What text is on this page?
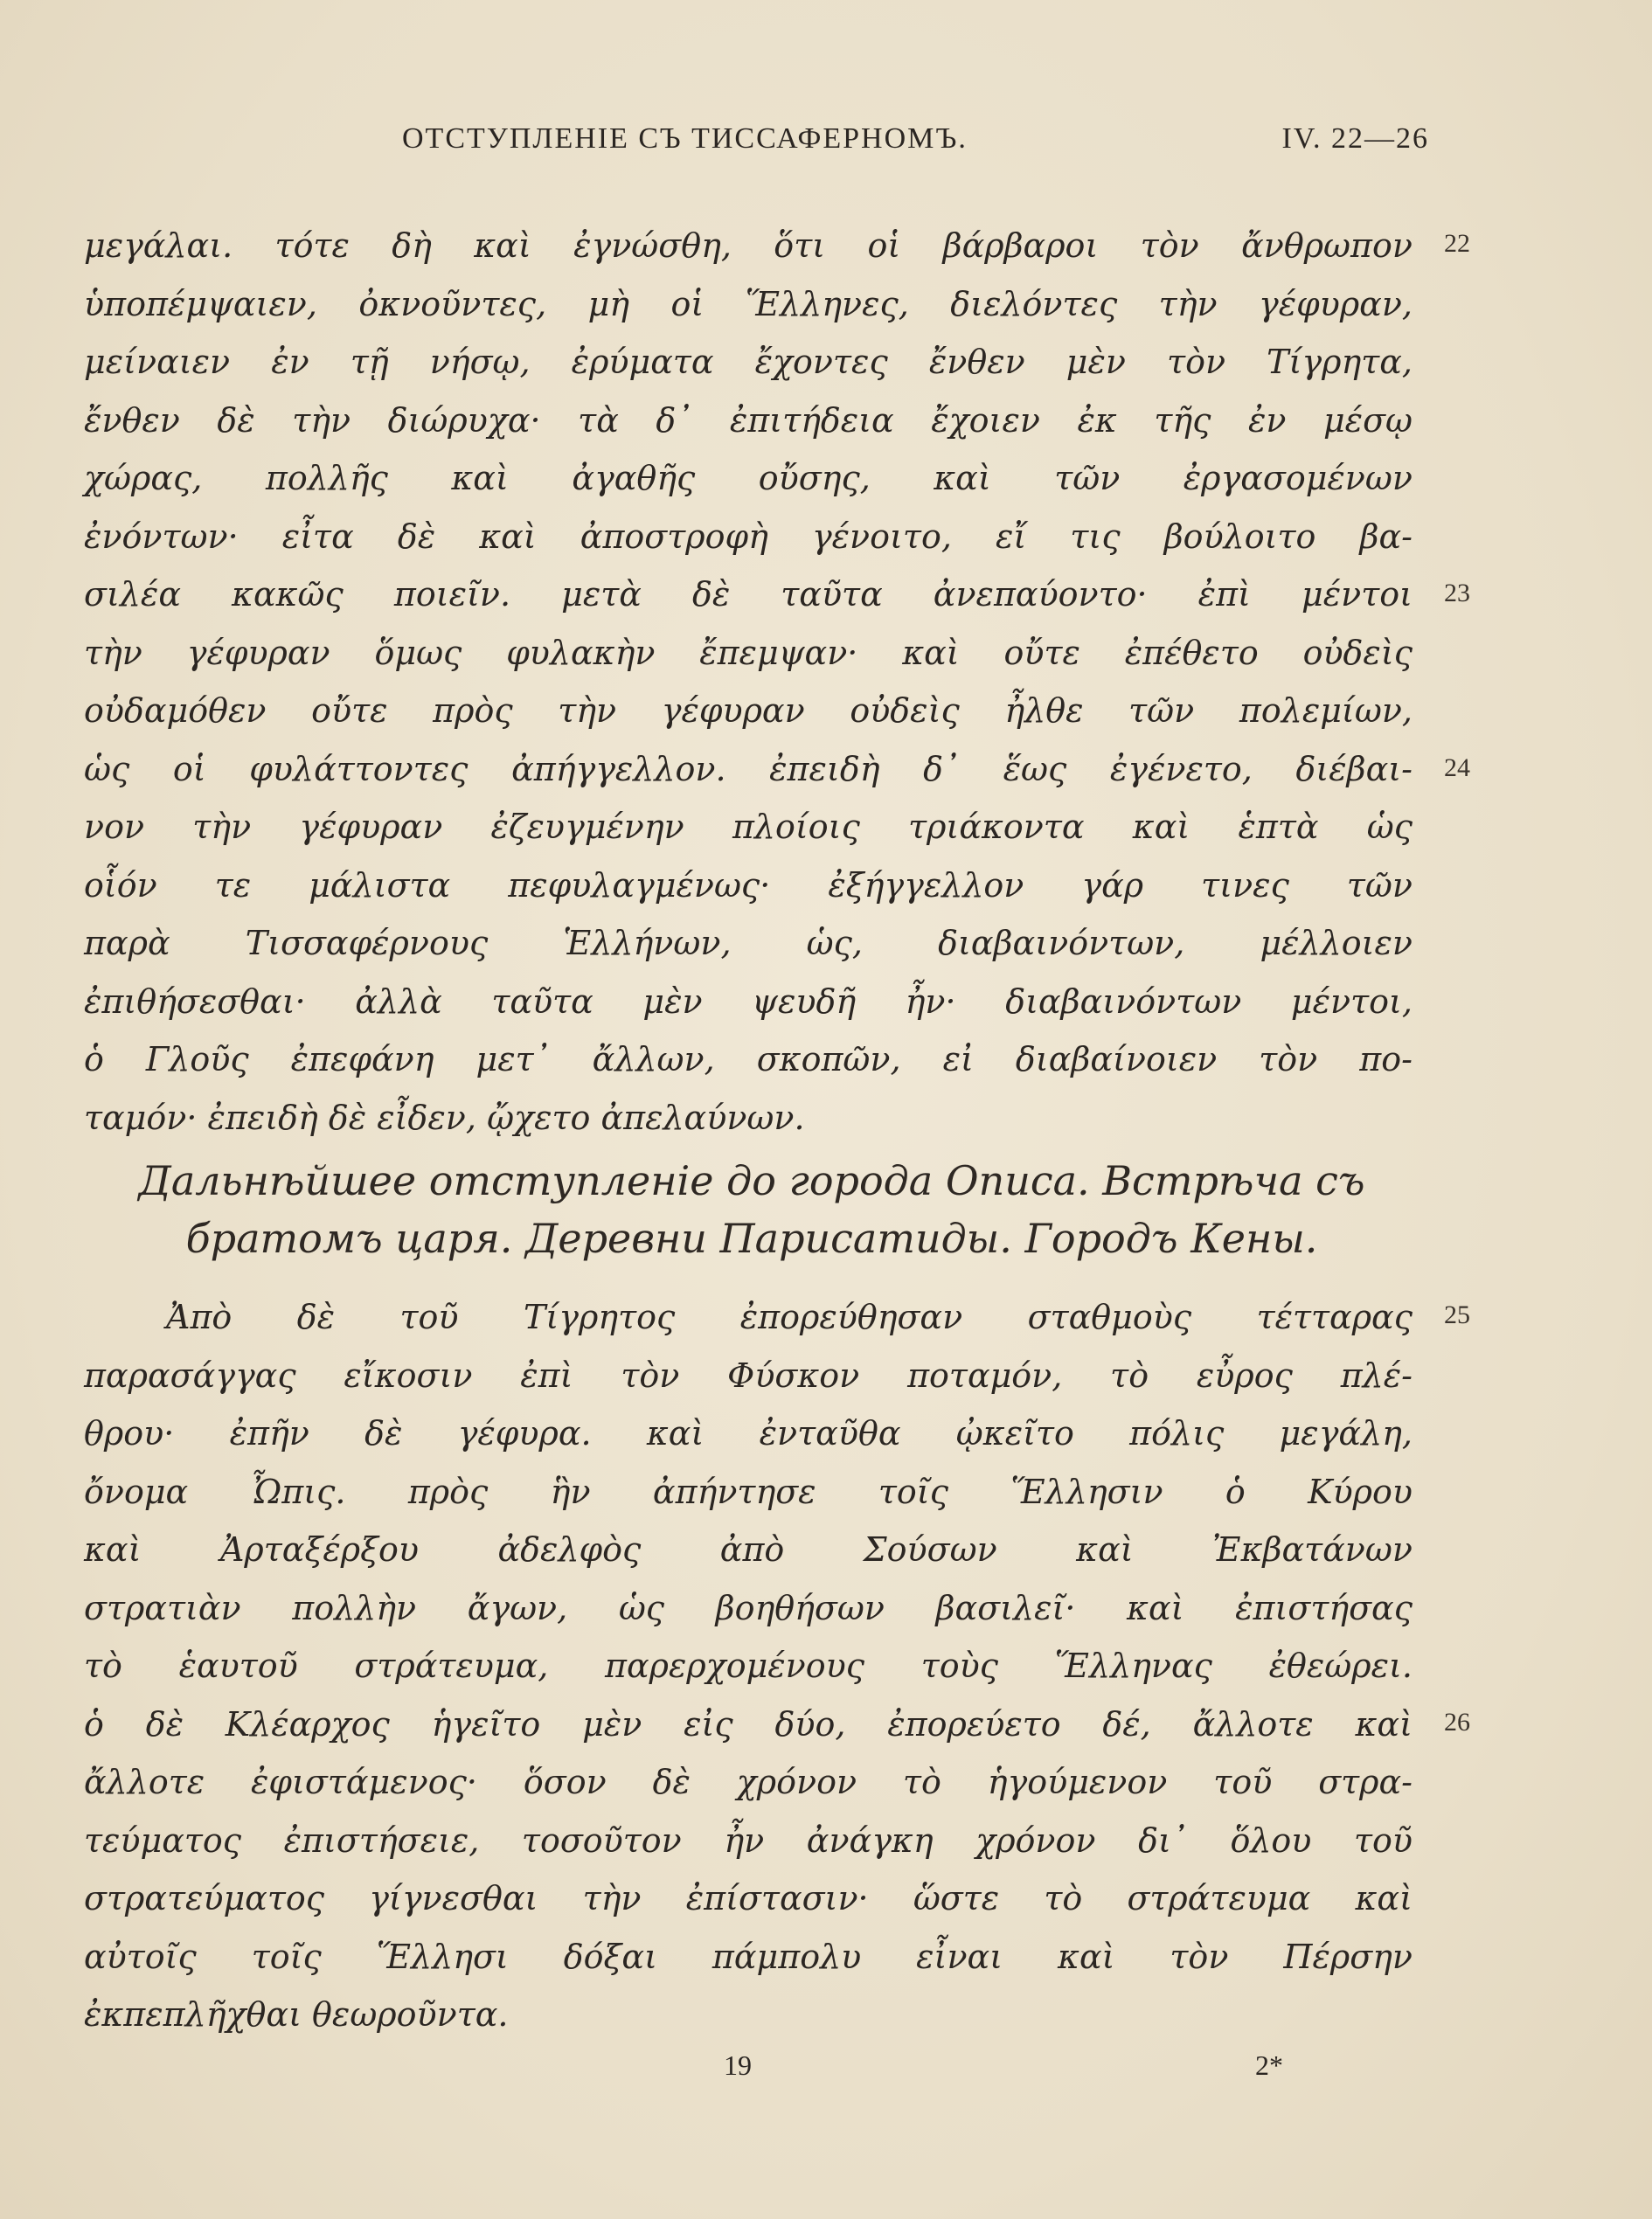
ОТСТУПЛЕНІЕ СЪ ТИССАФЕРНОМЪ.	IV. 22—26
μεγάλαι. τότε δὴ καὶ ἐγνώσθη, ὅτι οἱ βάρβαροι τὸν ἄνθρωπον
ὑποπέμψαιεν, ὀκνοῦντες, μὴ οἱ Ἕλληνες, διελόντες τὴν γέφυραν,
μείναιεν ἐν τῇ νήσῳ, ἐρύματα ἔχοντες ἔνθεν μὲν τὸν Τίγρητα,
ἔνθεν δὲ τὴν διώρυχα· τὰ δ᾽ ἐπιτήδεια ἔχοιεν ἐκ τῆς ἐν μέσῳ
χώρας, πολλῆς καὶ ἀγαθῆς οὔσης, καὶ τῶν ἐργασομένων
ἐνόντων· εἶτα δὲ καὶ ἀποστροφὴ γένοιτο, εἴ τις βούλοιτο βα-
σιλέα κακῶς ποιεῖν. μετὰ δὲ ταῦτα ἀνεπαύοντο· ἐπὶ μέντοι
τὴν γέφυραν ὅμως φυλακὴν ἔπεμψαν· καὶ οὔτε ἐπέθετο οὐδεὶς
οὐδαμόθεν οὔτε πρὸς τὴν γέφυραν οὐδεὶς ἦλθε τῶν πολεμίων,
ὡς οἱ φυλάττοντες ἀπήγγελλον. ἐπειδὴ δ᾽ ἕως ἐγένετο, διέβαι-
νον τὴν γέφυραν ἐζευγμένην πλοίοις τριάκοντα καὶ ἑπτὰ ὡς
οἷόν τε μάλιστα πεφυλαγμένως· ἐξήγγελλον γάρ τινες τῶν
παρὰ Τισσαφέρνους Ἑλλήνων, ὡς, διαβαινόντων, μέλλοιεν
ἐπιθήσεσθαι· ἀλλὰ ταῦτα μὲν ψευδῆ ἦν· διαβαινόντων μέντοι,
ὁ Γλοῦς ἐπεφάνη μετ᾽ ἄλλων, σκοπῶν, εἰ διαβαίνοιεν τὸν πο-
ταμόν· ἐπειδὴ δὲ εἶδεν, ᾤχετο ἀπελαύνων.
22
23
24
Дальнѣйшее отступленіе до города Описа. Встрѣча съ
братомъ царя. Деревни Парисатиды. Городъ Кены.
Ἀπὸ δὲ τοῦ Τίγρητος ἐπορεύθησαν σταθμοὺς τέτταρας
παρασάγγας εἴκοσιν ἐπὶ τὸν Φύσκον ποταμόν, τὸ εὖρος πλέ-
θρου· ἐπῆν δὲ γέφυρα. καὶ ἐνταῦθα ᾠκεῖτο πόλις μεγάλη,
ὄνομα Ὦπις. πρὸς ἣν ἀπήντησε τοῖς Ἕλλησιν ὁ Κύρου
καὶ Ἀρταξέρξου ἀδελφὸς ἀπὸ Σούσων καὶ Ἐκβατάνων
στρατιὰν πολλὴν ἄγων, ὡς βοηθήσων βασιλεῖ· καὶ ἐπιστήσας
τὸ ἑαυτοῦ στράτευμα, παρερχομένους τοὺς Ἕλληνας ἐθεώρει.
ὁ δὲ Κλέαρχος ἡγεῖτο μὲν εἰς δύο, ἐπορεύετο δέ, ἄλλοτε καὶ
ἄλλοτε ἐφιστάμενος· ὅσον δὲ χρόνον τὸ ἡγούμενον τοῦ στρα-
τεύματος ἐπιστήσειε, τοσοῦτον ἦν ἀνάγκη χρόνον δι᾽ ὅλου τοῦ
στρατεύματος γίγνεσθαι τὴν ἐπίστασιν· ὥστε τὸ στράτευμα καὶ
αὐτοῖς τοῖς Ἕλλησι δόξαι πάμπολυ εἶναι καὶ τὸν Πέρσην
ἐκπεπλῆχθαι θεωροῦντα.
25
26
19	2*
